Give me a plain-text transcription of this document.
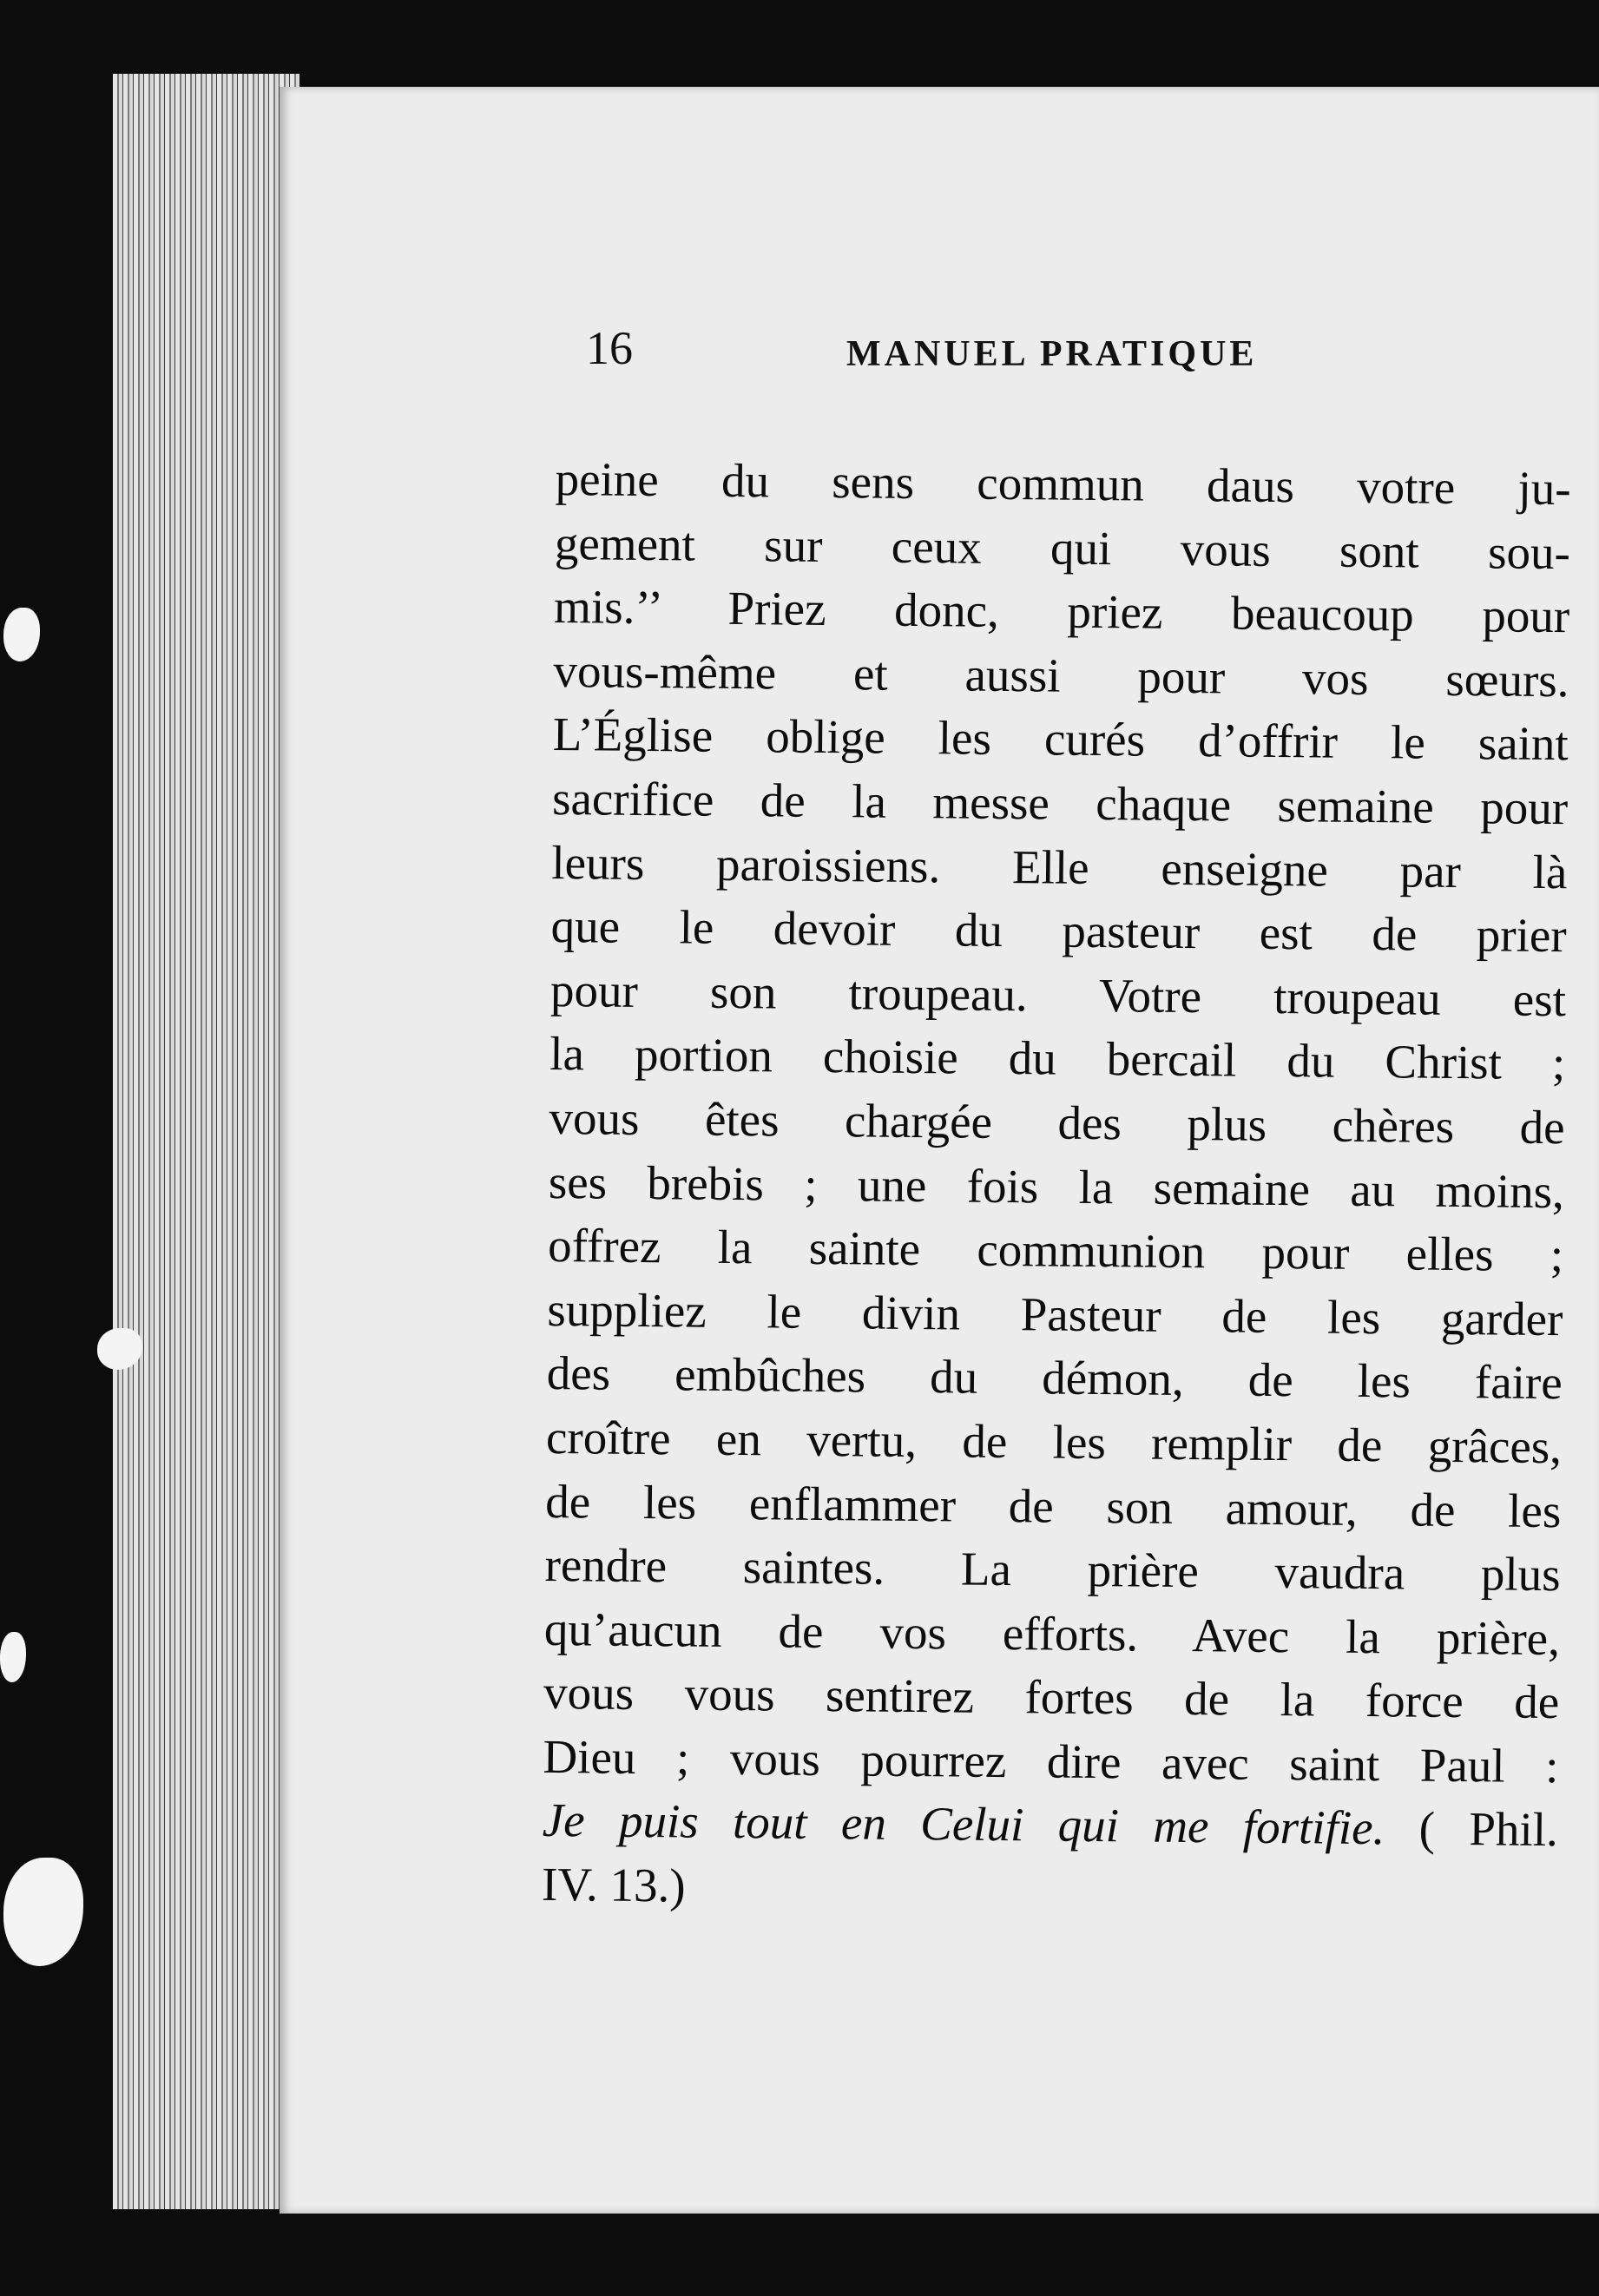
16	MANUEL PRATIQUE
peine du sens commun daus votre ju-
gement sur ceux qui vous sont sou-
mis.’’ Priez donc, priez beaucoup pour
vous-même et aussi pour vos sœurs.
L’Église oblige les curés d’offrir le saint
sacrifice de la messe chaque semaine pour
leurs paroissiens. Elle enseigne par là
que le devoir du pasteur est de prier
pour son troupeau. Votre troupeau est
la portion choisie du bercail du Christ ;
vous êtes chargée des plus chères de
ses brebis ; une fois la semaine au moins,
offrez la sainte communion pour elles ;
suppliez le divin Pasteur de les garder
des embûches du démon, de les faire
croître en vertu, de les remplir de grâces,
de les enflammer de son amour, de les
rendre saintes. La prière vaudra plus
qu’aucun de vos efforts. Avec la prière,
vous vous sentirez fortes de la force de
Dieu ; vous pourrez dire avec saint Paul :
Je puis tout en Celui qui me fortifie. ( Phil.
IV. 13.)
